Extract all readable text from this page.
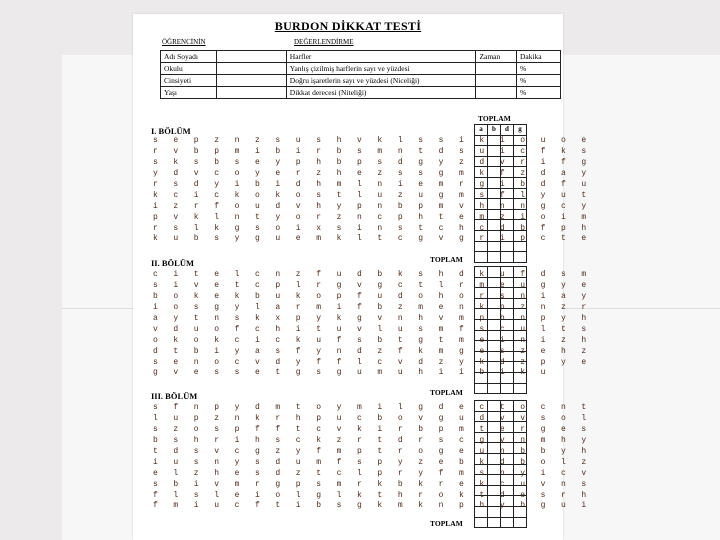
BURDON DİKKAT TESTİ
ÖĞRENCİNİN	DEĞERLENDİRME
Adı Soyadı		Harfler	Zaman	Dakika
Okulu		Yanlış çizilmiş harflerin sayı ve yüzdesi		%
Cinsiyeti		Doğru işaretlerin sayı ve yüzdesi (Niceliği)		%
Yaşı		Dikkat derecesi (Niteliği)		%
TOPLAM
I. BÖLÜM
s e p z n z s u s h v k l s s i k i o u o e
r v b p m i b i r b s m n t d s u i c f k s
s k s b s e y p h b p s d g y z d v r i f g
y d v c o y e r z h e z s s g m k f z d a y
r s d y i b i d h m l n i e m r g i b d f u
k c i c k o k o s t l u z u g m s f l y u t
i z r f o u d v h y p n b p m v h n n g c y
p v k l n t y o r z n c p h t e m z i o i m
r s l k g s o i x s i n s t c h c d b f p h
k u b s y g u e m k l t c g v g r i p c t e
TOPLAM
II. BÖLÜM
c i t e l c n z f u d b k s h d k u f d s m
s i v e t c p l r g v g c t l r m e u g y e
b o k e k b u k o p f u d o h o r s n i a y
i o s g y l a r m i f b z m e n k p z n z r
a y t n s k x p y k g v n h v m p b n p y h
v d u o f c h i t u v l u s m f s c u l t s
o k o k c i c k u f s b t g t m e i n i z h
d t b i y a s f y n d z f k m g e s z e h z
s e n o c v d y f f l c v d z y k d z p y e
g v e s s e t g s g u m u h i i b i k u
TOPLAM
III. BÖLÜM
s f n p y d m t o y m i l g d e c t o c n t
l u p z n k r h p u c b o v g u d v v s o l
s z o s p f f t c v k i r b p m t e r g e s
b s h r i h s c k z r t d r s c g v n m h y
t d s v c g z y f m p t r o g e u n b b y h
i u s n y s d u m f s p y z e b k d b o l z
e l z h e s d z t c l p r y f m s n y i c v
s b i v m r g p s m r k b k r e k c u v n s
f l s l e i o l g l k t h r o k t d e s r h
f m i u c f t i b s g k m k n p h y b g u i
TOPLAM
a	b	d	g
